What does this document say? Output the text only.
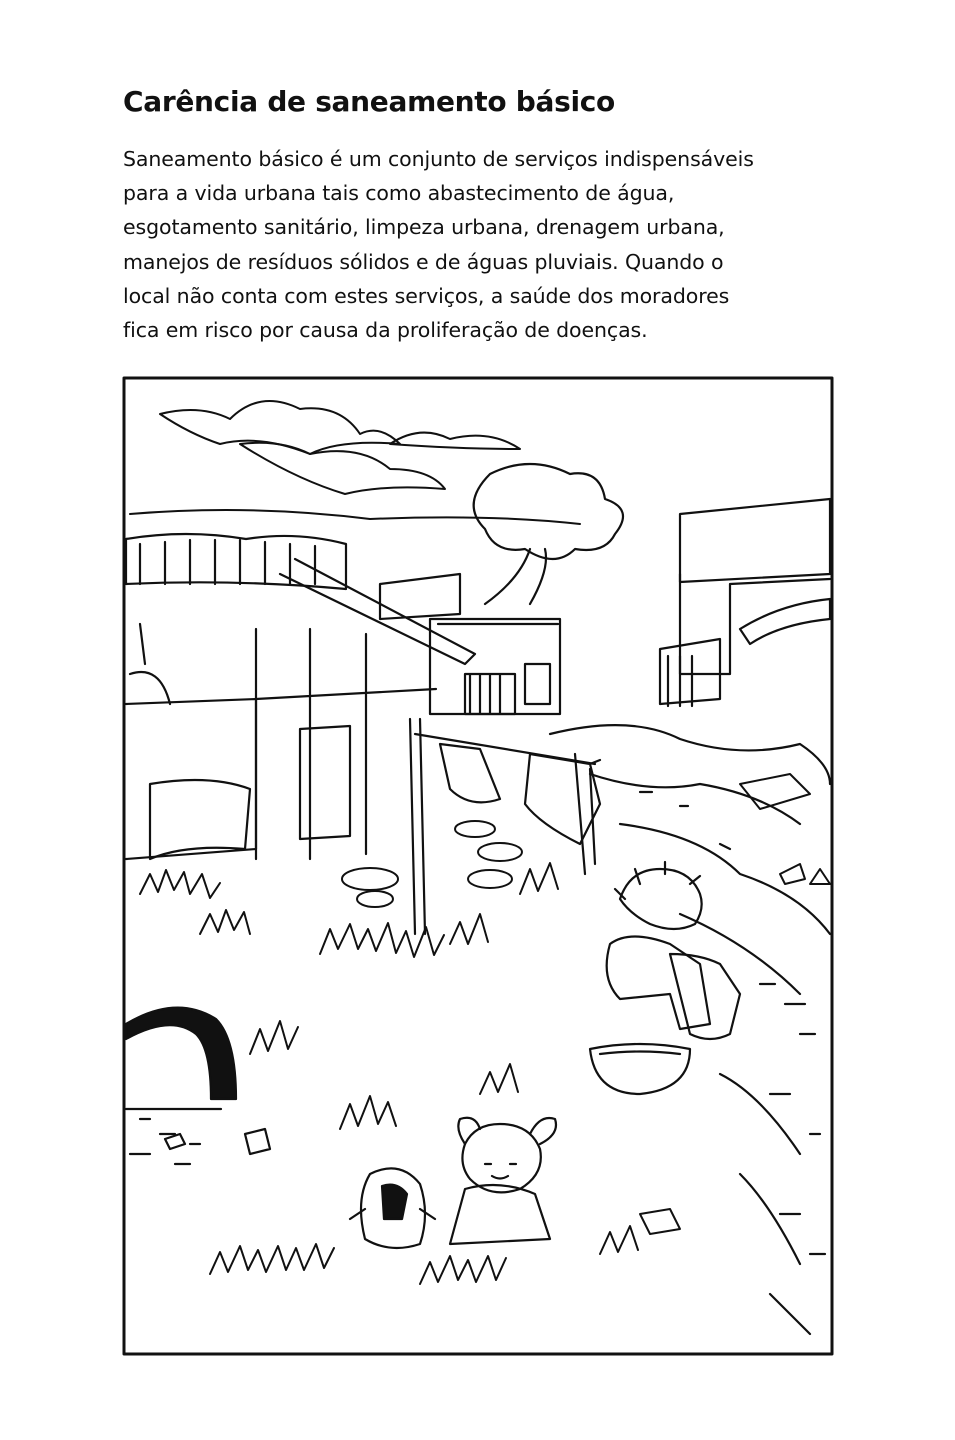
Carência de saneamento básico

Saneamento básico é um conjunto de serviços indispensáveis
para a vida urbana tais como abastecimento de água,
esgotamento sanitário, limpeza urbana, drenagem urbana,
manejos de resíduos sólidos e de águas pluviais. Quando o
local não conta com estes serviços, a saúde dos moradores
fica em risco por causa da proliferação de doenças.
